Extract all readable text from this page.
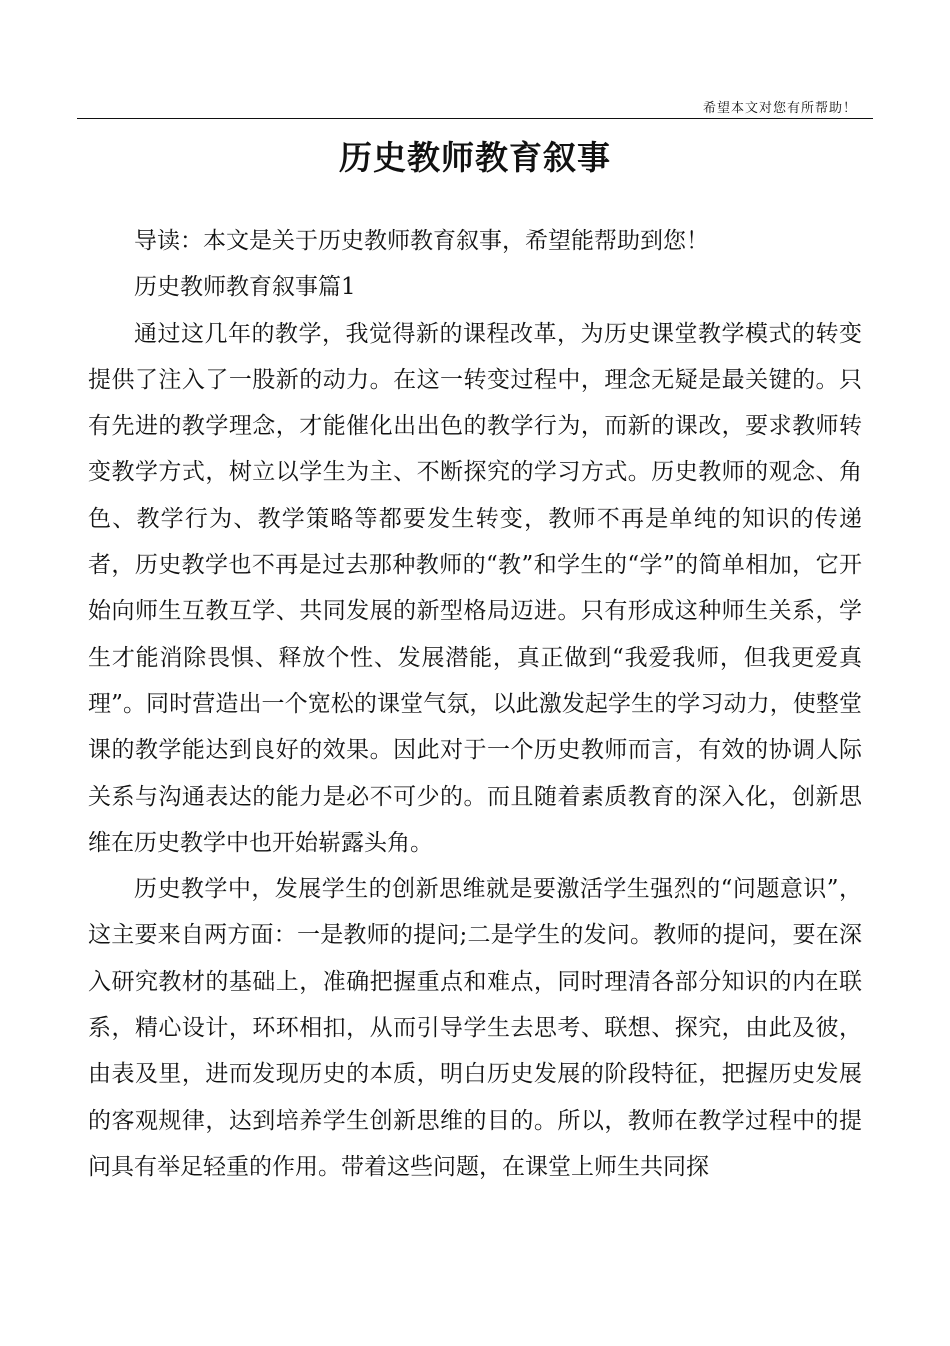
希望本文对您有所帮助！
历史教师教育叙事

导读：本文是关于历史教师教育叙事，希望能帮助到您！

历史教师教育叙事篇1

通过这几年的教学，我觉得新的课程改革，为历史课堂教学模式的转变提供了注入了一股新的动力。在这一转变过程中，理念无疑是最关键的。只有先进的教学理念，才能催化出出色的教学行为，而新的课改，要求教师转变教学方式，树立以学生为主、不断探究的学习方式。历史教师的观念、角色、教学行为、教学策略等都要发生转变，教师不再是单纯的知识的传递者，历史教学也不再是过去那种教师的“教”和学生的“学”的简单相加，它开始向师生互教互学、共同发展的新型格局迈进。只有形成这种师生关系，学生才能消除畏惧、释放个性、发展潜能，真正做到“我爱我师，但我更爱真理”。同时营造出一个宽松的课堂气氛，以此激发起学生的学习动力，使整堂课的教学能达到良好的效果。因此对于一个历史教师而言，有效的协调人际关系与沟通表达的能力是必不可少的。而且随着素质教育的深入化，创新思维在历史教学中也开始崭露头角。

历史教学中，发展学生的创新思维就是要激活学生强烈的“问题意识”，这主要来自两方面：一是教师的提问;二是学生的发问。教师的提问，要在深入研究教材的基础上，准确把握重点和难点，同时理清各部分知识的内在联系，精心设计，环环相扣，从而引导学生去思考、联想、探究，由此及彼，由表及里，进而发现历史的本质，明白历史发展的阶段特征，把握历史发展的客观规律，达到培养学生创新思维的目的。所以，教师在教学过程中的提问具有举足轻重的作用。带着这些问题，在课堂上师生共同探
